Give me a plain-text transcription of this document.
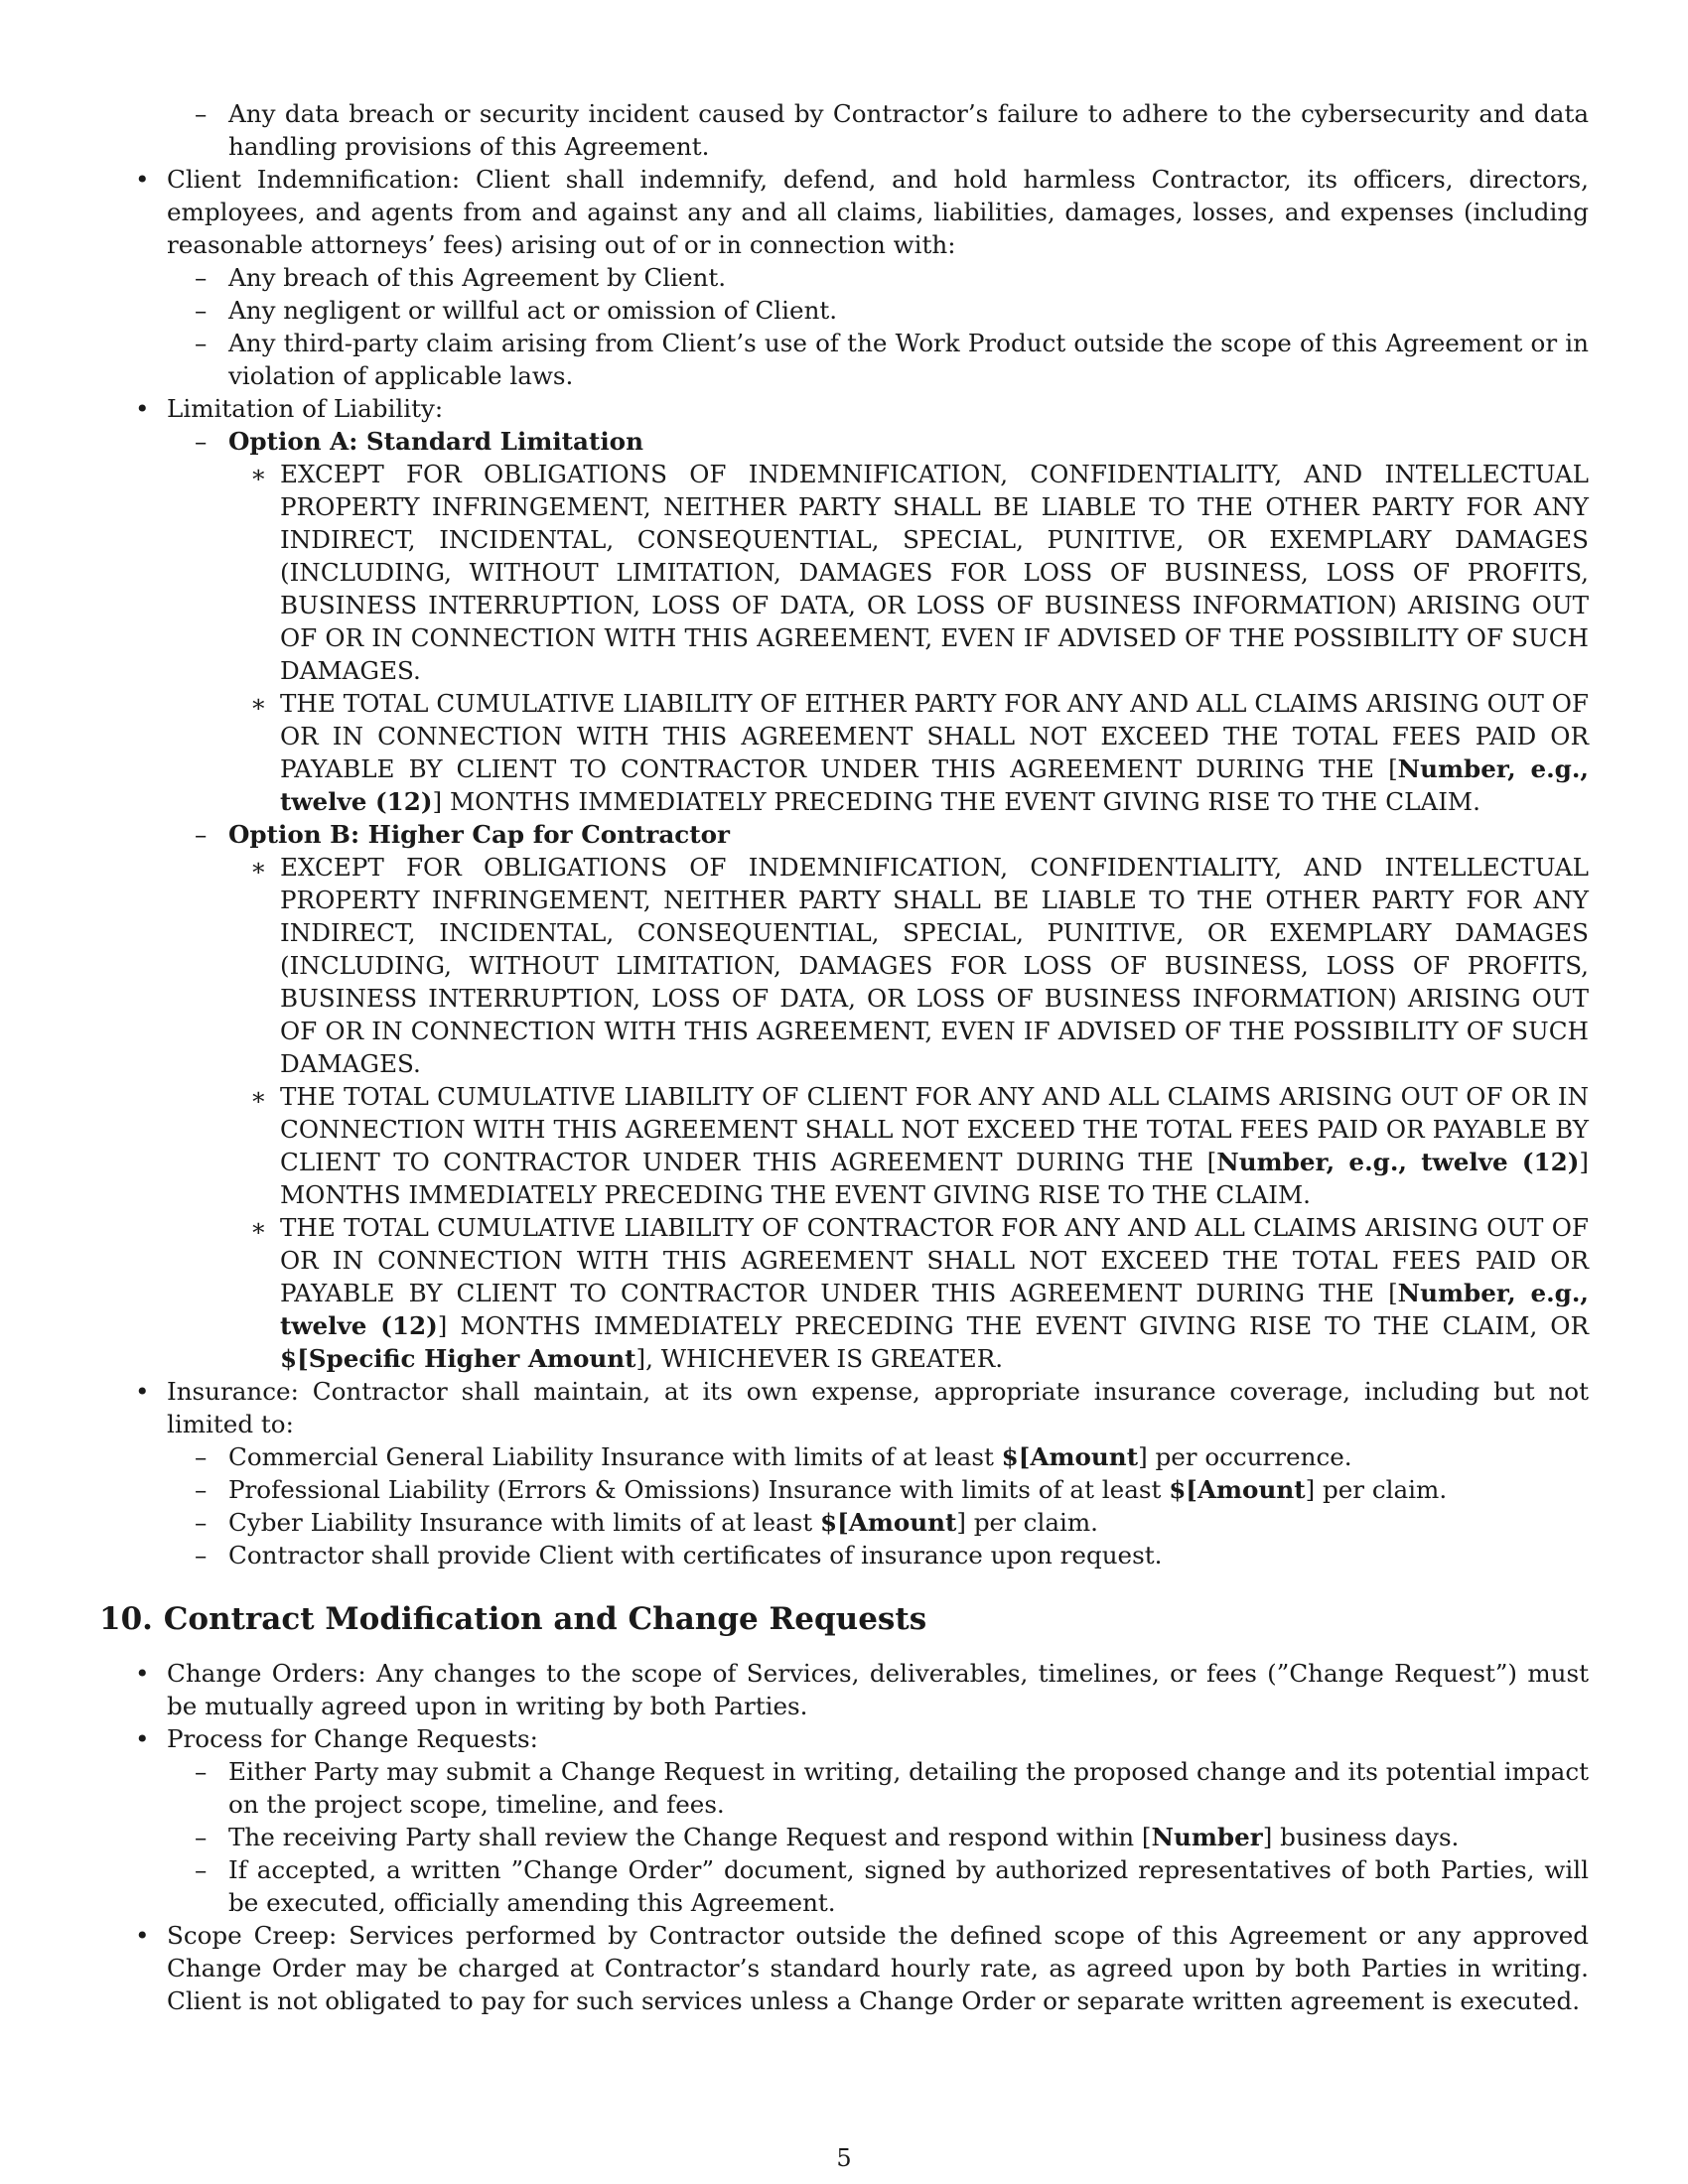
– Any data breach or security incident caused by Contractor’s failure to adhere to the cybersecurity and data handling provisions of this Agreement.

• Client Indemnification: Client shall indemnify, defend, and hold harmless Contractor, its officers, directors, employees, and agents from and against any and all claims, liabilities, damages, losses, and expenses (including reasonable attorneys’ fees) arising out of or in connection with:

– Any breach of this Agreement by Client.

– Any negligent or willful act or omission of Client.

– Any third-party claim arising from Client’s use of the Work Product outside the scope of this Agreement or in violation of applicable laws.

• Limitation of Liability:

– Option A: Standard Limitation

∗ EXCEPT FOR OBLIGATIONS OF INDEMNIFICATION, CONFIDENTIALITY, AND INTELLECTUAL PROPERTY INFRINGEMENT, NEITHER PARTY SHALL BE LIABLE TO THE OTHER PARTY FOR ANY INDIRECT, INCIDENTAL, CONSEQUENTIAL, SPECIAL, PUNITIVE, OR EXEMPLARY DAMAGES (INCLUDING, WITHOUT LIMITATION, DAMAGES FOR LOSS OF BUSINESS, LOSS OF PROFITS, BUSINESS INTERRUPTION, LOSS OF DATA, OR LOSS OF BUSINESS INFORMATION) ARISING OUT OF OR IN CONNECTION WITH THIS AGREEMENT, EVEN IF ADVISED OF THE POSSIBILITY OF SUCH DAMAGES.

∗ THE TOTAL CUMULATIVE LIABILITY OF EITHER PARTY FOR ANY AND ALL CLAIMS ARISING OUT OF OR IN CONNECTION WITH THIS AGREEMENT SHALL NOT EXCEED THE TOTAL FEES PAID OR PAYABLE BY CLIENT TO CONTRACTOR UNDER THIS AGREEMENT DURING THE [Number, e.g., twelve (12)] MONTHS IMMEDIATELY PRECEDING THE EVENT GIVING RISE TO THE CLAIM.

– Option B: Higher Cap for Contractor

∗ EXCEPT FOR OBLIGATIONS OF INDEMNIFICATION, CONFIDENTIALITY, AND INTELLECTUAL PROPERTY INFRINGEMENT, NEITHER PARTY SHALL BE LIABLE TO THE OTHER PARTY FOR ANY INDIRECT, INCIDENTAL, CONSEQUENTIAL, SPECIAL, PUNITIVE, OR EXEMPLARY DAMAGES (INCLUDING, WITHOUT LIMITATION, DAMAGES FOR LOSS OF BUSINESS, LOSS OF PROFITS, BUSINESS INTERRUPTION, LOSS OF DATA, OR LOSS OF BUSINESS INFORMATION) ARISING OUT OF OR IN CONNECTION WITH THIS AGREEMENT, EVEN IF ADVISED OF THE POSSIBILITY OF SUCH DAMAGES.

∗ THE TOTAL CUMULATIVE LIABILITY OF CLIENT FOR ANY AND ALL CLAIMS ARISING OUT OF OR IN CONNECTION WITH THIS AGREEMENT SHALL NOT EXCEED THE TOTAL FEES PAID OR PAYABLE BY CLIENT TO CONTRACTOR UNDER THIS AGREEMENT DURING THE [Number, e.g., twelve (12)] MONTHS IMMEDIATELY PRECEDING THE EVENT GIVING RISE TO THE CLAIM.

∗ THE TOTAL CUMULATIVE LIABILITY OF CONTRACTOR FOR ANY AND ALL CLAIMS ARISING OUT OF OR IN CONNECTION WITH THIS AGREEMENT SHALL NOT EXCEED THE TOTAL FEES PAID OR PAYABLE BY CLIENT TO CONTRACTOR UNDER THIS AGREEMENT DURING THE [Number, e.g., twelve (12)] MONTHS IMMEDIATELY PRECEDING THE EVENT GIVING RISE TO THE CLAIM, OR $[Specific Higher Amount], WHICHEVER IS GREATER.

• Insurance: Contractor shall maintain, at its own expense, appropriate insurance coverage, including but not limited to:

– Commercial General Liability Insurance with limits of at least $[Amount] per occurrence.

– Professional Liability (Errors & Omissions) Insurance with limits of at least $[Amount] per claim.

– Cyber Liability Insurance with limits of at least $[Amount] per claim.

– Contractor shall provide Client with certificates of insurance upon request.

10. Contract Modification and Change Requests

• Change Orders: Any changes to the scope of Services, deliverables, timelines, or fees (”Change Request”) must be mutually agreed upon in writing by both Parties.

• Process for Change Requests:

– Either Party may submit a Change Request in writing, detailing the proposed change and its potential impact on the project scope, timeline, and fees.

– The receiving Party shall review the Change Request and respond within [Number] business days.

– If accepted, a written ”Change Order” document, signed by authorized representatives of both Parties, will be executed, officially amending this Agreement.

• Scope Creep: Services performed by Contractor outside the defined scope of this Agreement or any approved Change Order may be charged at Contractor’s standard hourly rate, as agreed upon by both Parties in writing. Client is not obligated to pay for such services unless a Change Order or separate written agreement is executed.

5
